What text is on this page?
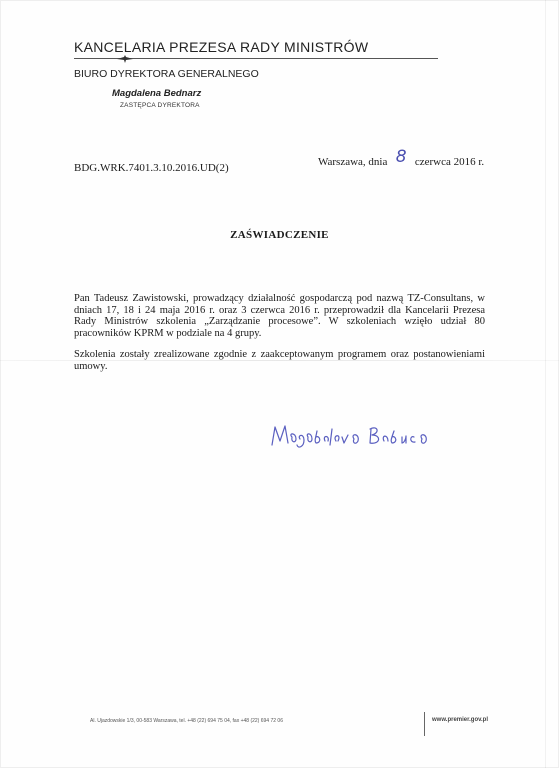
KANCELARIA PREZESA RADY MINISTRÓW
BIURO DYREKTORA GENERALNEGO
Magdalena Bednarz
ZASTĘPCA DYREKTORA
Warszawa, dnia 8 czerwca 2016 r.
BDG.WRK.7401.3.10.2016.UD(2)
ZAŚWIADCZENIE

Pan Tadeusz Zawistowski, prowadzący działalność gospodarczą pod nazwą TZ-Consultans, w dniach 17, 18 i 24 maja 2016 r. oraz 3 czerwca 2016 r. przeprowadził dla Kancelarii Prezesa Rady Ministrów szkolenia „Zarządzanie procesowe”. W szkoleniach wzięło udział 80 pracowników KPRM w podziale na 4 grupy.

Szkolenia zostały zrealizowane zgodnie z zaakceptowanym programem oraz postanowieniami umowy.

Al. Ujazdowskie 1/3, 00-583 Warszawa, tel. +48 (22) 694 75 04, fax +48 (22) 694 72 06	www.premier.gov.pl
